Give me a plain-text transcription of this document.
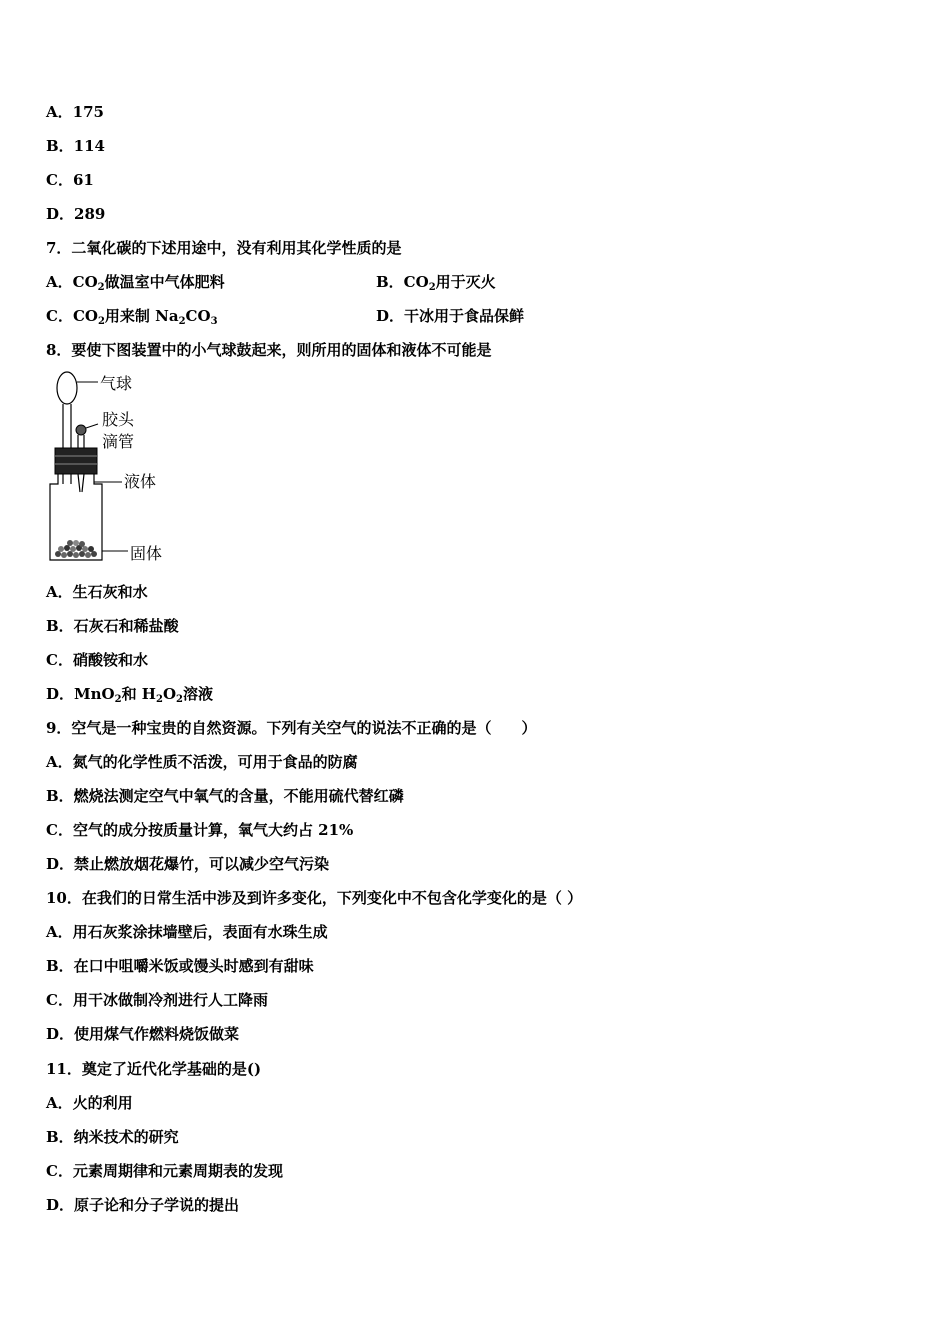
A．175
B．114
C．61
D．289
7．二氧化碳的下述用途中，没有利用其化学性质的是
A．$CO_2$做温室中气体肥料	B．$CO_2$用于灭火
C．$CO_2$用来制 $Na_2CO_3$	D．干冰用于食品保鲜
8．要使下图装置中的小气球鼓起来，则所用的固体和液体不可能是
气球
胶头
滴管
液体
固体
A．生石灰和水
B．石灰石和稀盐酸
C．硝酸铵和水
D．MnO$_2$和 $H_2O_2$溶液
9．空气是一种宝贵的自然资源。下列有关空气的说法不正确的是（　　）
A．氮气的化学性质不活泼，可用于食品的防腐
B．燃烧法测定空气中氧气的含量，不能用硫代替红磷
C．空气的成分按质量计算，氧气大约占 21%
D．禁止燃放烟花爆竹，可以减少空气污染
10．在我们的日常生活中涉及到许多变化，下列变化中不包含化学变化的是（ ）
A．用石灰浆涂抹墙壁后，表面有水珠生成
B．在口中咀嚼米饭或馒头时感到有甜味
C．用干冰做制冷剂进行人工降雨
D．使用煤气作燃料烧饭做菜
11．奠定了近代化学基础的是()
A．火的利用
B．纳米技术的研究
C．元素周期律和元素周期表的发现
D．原子论和分子学说的提出
